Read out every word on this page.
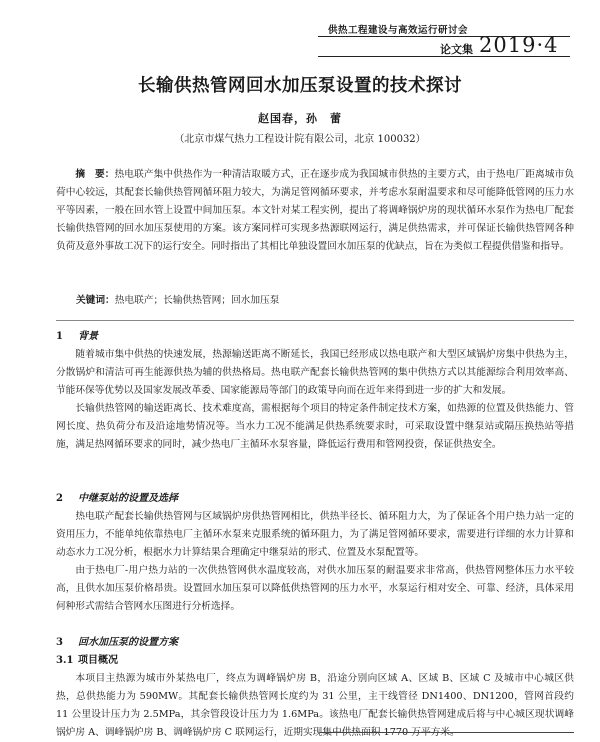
供热工程建设与高效运行研讨会
论文集 2019·4
长输供热管网回水加压泵设置的技术探讨
赵国春，孙　蕾
（北京市煤气热力工程设计院有限公司，北京 100032）

摘　要：热电联产集中供热作为一种清洁取暖方式，正在逐步成为我国城市供热的主要方式，由于热电厂距离城市负荷中心较远，其配套长输供热管网循环阻力较大，为满足管网循环要求，并考虑水泵耐温要求和尽可能降低管网的压力水平等因素，一般在回水管上设置中间加压泵。本文针对某工程实例，提出了将调峰锅炉房的现状循环水泵作为热电厂配套长输供热管网的回水加压泵使用的方案。该方案同样可实现多热源联网运行，满足供热需求，并可保证长输供热管网各种负荷及意外事故工况下的运行安全。同时指出了其相比单独设置回水加压泵的优缺点，旨在为类似工程提供借鉴和指导。

关键词：热电联产；长输供热管网；回水加压泵

1 背景

随着城市集中供热的快速发展，热源输送距离不断延长，我国已经形成以热电联产和大型区域锅炉房集中供热为主，分散锅炉和清洁可再生能源供热为辅的供热格局。热电联产配套长输供热管网的集中供热方式以其能源综合利用效率高、节能环保等优势以及国家发展改革委、国家能源局等部门的政策导向而在近年来得到进一步的扩大和发展。

长输供热管网的输送距离长、技术难度高，需根据每个项目的特定条件制定技术方案，如热源的位置及供热能力、管网长度、热负荷分布及沿途地势情况等。当水力工况不能满足供热系统要求时，可采取设置中继泵站或隔压换热站等措施，满足热网循环要求的同时，减少热电厂主循环水泵容量，降低运行费用和管网投资，保证供热安全。

2 中继泵站的设置及选择

热电联产配套长输供热管网与区域锅炉房供热管网相比，供热半径长、循环阻力大，为了保证各个用户热力站一定的资用压力，不能单纯依靠热电厂主循环水泵来克服系统的循环阻力，为了满足管网循环要求，需要进行详细的水力计算和动态水力工况分析，根据水力计算结果合理确定中继泵站的形式、位置及水泵配置等。

由于热电厂-用户热力站的一次供热管网供水温度较高，对供水加压泵的耐温要求非常高，供热管网整体压力水平较高，且供水加压泵价格昂贵。设置回水加压泵可以降低供热管网的压力水平，水泵运行相对安全、可靠、经济，具体采用何种形式需结合管网水压图进行分析选择。

3 回水加压泵的设置方案

3.1 项目概况

本项目主热源为城市外某热电厂，终点为调峰锅炉房 B，沿途分别向区域 A、区域 B、区域 C 及城市中心城区供热，总供热能力为 590MW。其配套长输供热管网长度约为 31 公里，主干线管径 DN1400、DN1200，管网首段约 11 公里设计压力为 2.5MPa，其余管段设计压力为 1.6MPa。该热电厂配套长输供热管网建成后将与中心城区现状调峰锅炉房 A、调峰锅炉房 B、调峰锅炉房 C 联网运行，近期实现集中供热面积 1770 万平方米。
